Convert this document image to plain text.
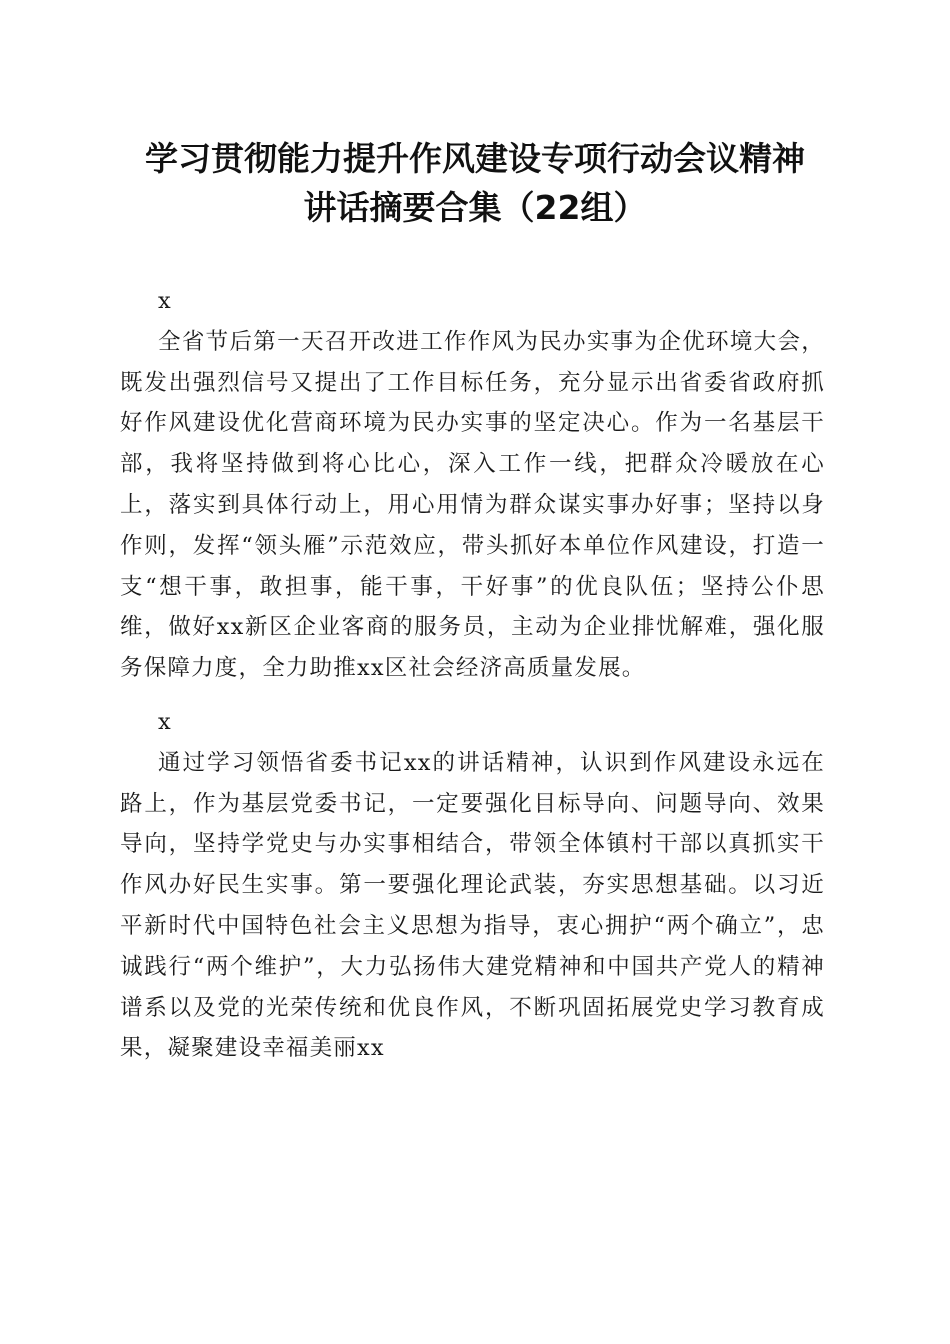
学习贯彻能力提升作风建设专项行动会议精神
讲话摘要合集（22组）
x

全省节后第一天召开改进工作作风为民办实事为企优环境大会，既发出强烈信号又提出了工作目标任务，充分显示出省委省政府抓好作风建设优化营商环境为民办实事的坚定决心。作为一名基层干部，我将坚持做到将心比心，深入工作一线，把群众冷暖放在心上，落实到具体行动上，用心用情为群众谋实事办好事；坚持以身作则，发挥“领头雁”示范效应，带头抓好本单位作风建设，打造一支“想干事，敢担事，能干事，干好事”的优良队伍；坚持公仆思维，做好xx新区企业客商的服务员，主动为企业排忧解难，强化服务保障力度，全力助推xx区社会经济高质量发展。

x

通过学习领悟省委书记xx的讲话精神，认识到作风建设永远在路上，作为基层党委书记，一定要强化目标导向、问题导向、效果导向，坚持学党史与办实事相结合，带领全体镇村干部以真抓实干作风办好民生实事。第一要强化理论武装，夯实思想基础。以习近平新时代中国特色社会主义思想为指导，衷心拥护“两个确立”，忠诚践行“两个维护”，大力弘扬伟大建党精神和中国共产党人的精神谱系以及党的光荣传统和优良作风，不断巩固拓展党史学习教育成果，凝聚建设幸福美丽xx
